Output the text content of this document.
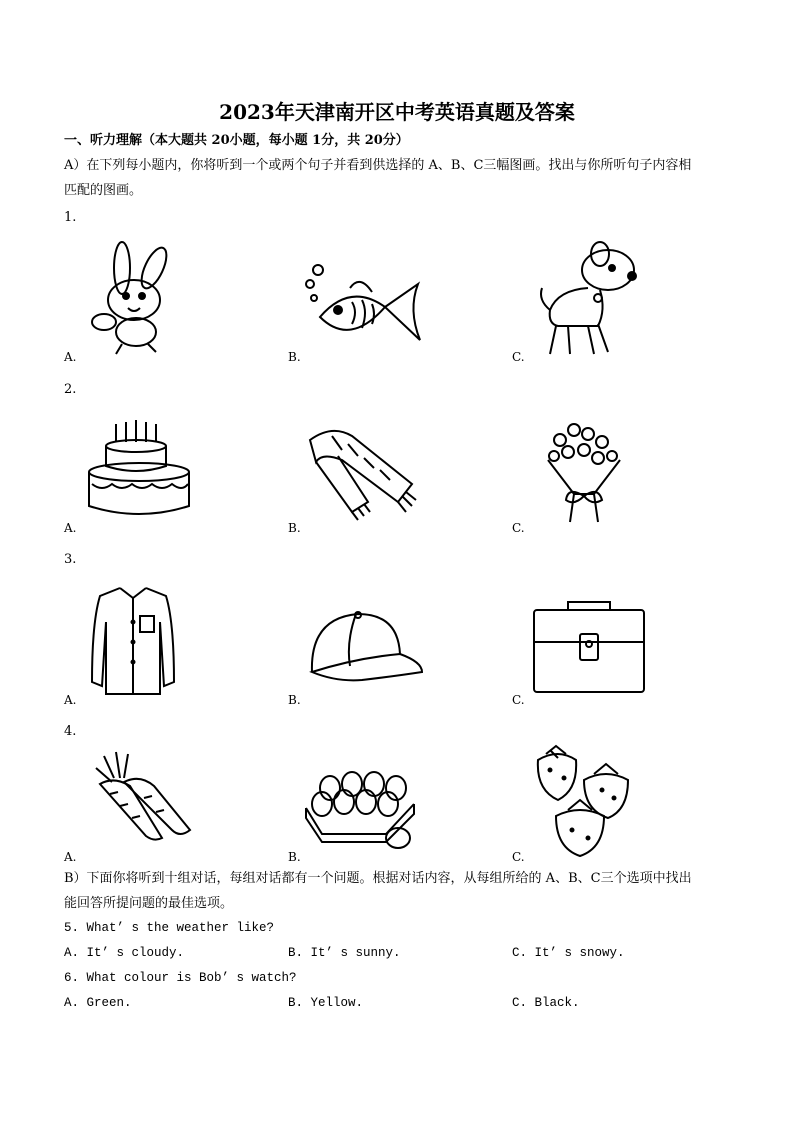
2023年天津南开区中考英语真题及答案
一、听力理解（本大题共 20小题，每小题 1分，共 20分）
A）在下列每小题内，你将听到一个或两个句子并看到供选择的 A、B、C三幅图画。找出与你所听句子内容相
匹配的图画。
1.
A.	B.	C.
2.
A.	B.	C.
3.
A.	B.	C.
4.
A.	B.	C.
B）下面你将听到十组对话，每组对话都有一个问题。根据对话内容，从每组所给的 A、B、C三个选项中找出
能回答所提问题的最佳选项。
5. What’ s the weather like?
A. It’ s cloudy.	B. It’ s sunny.	C. It’ s snowy.
6. What colour is Bob’ s watch?
A. Green.	B. Yellow.	C. Black.
